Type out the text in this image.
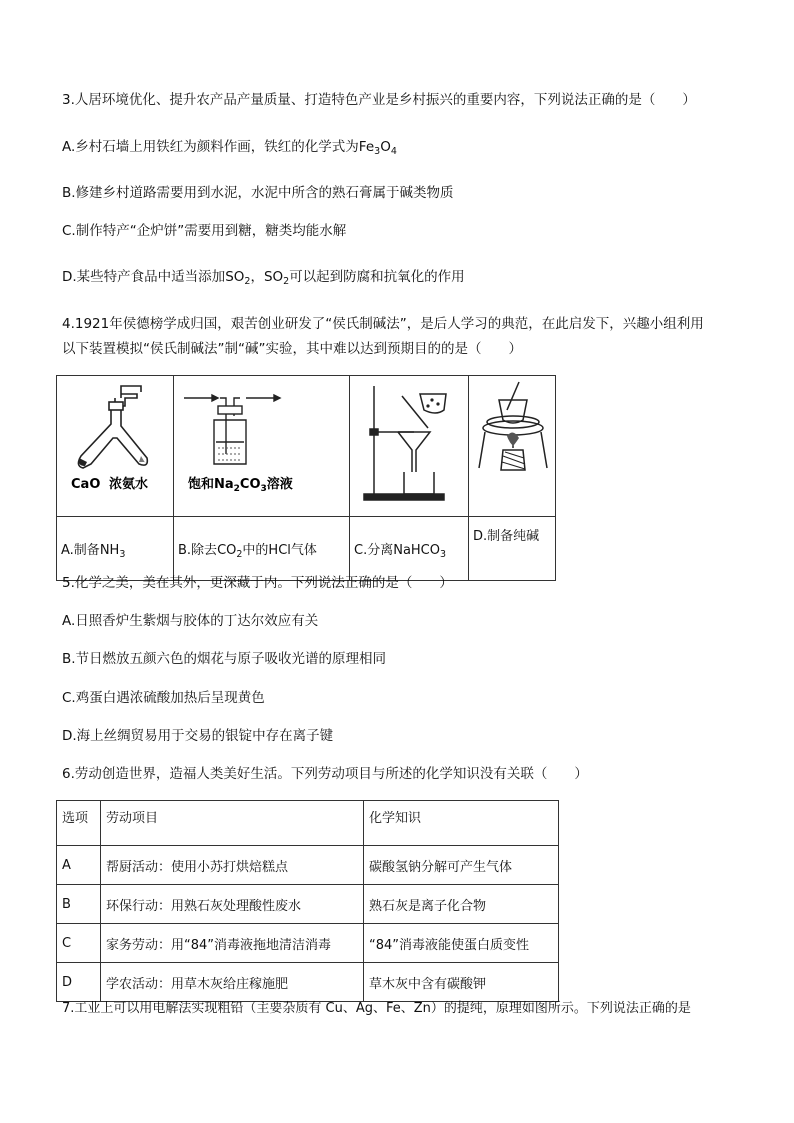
3.人居环境优化、提升农产品产量质量、打造特色产业是乡村振兴的重要内容，下列说法正确的是（　　）
A.乡村石墙上用铁红为颜料作画，铁红的化学式为$Fe_3O_4$
B.修建乡村道路需要用到水泥，水泥中所含的熟石膏属于碱类物质
C.制作特产“企炉饼”需要用到糖，糖类均能水解
D.某些特产食品中适当添加$SO_2$，$SO_2$可以起到防腐和抗氧化的作用
4.1921年侯德榜学成归国，艰苦创业研发了“侯氏制碱法”，是后人学习的典范，在此启发下，兴趣小组利用
以下装置模拟“侯氏制碱法”制“碱”实验，其中难以达到预期目的的是（　　）
CaO 浓氨水	饱和$Na_2CO_3$溶液

A.制备$NH_3$	B.除去$CO_2$中的HCl气体	C.分离NaHCO$_3$	D.制备纯碱
5.化学之美，美在其外，更深藏于内。下列说法正确的是（　　）
A.日照香炉生紫烟与胶体的丁达尔效应有关
B.节日燃放五颜六色的烟花与原子吸收光谱的原理相同
C.鸡蛋白遇浓硫酸加热后呈现黄色
D.海上丝绸贸易用于交易的银锭中存在离子键
6.劳动创造世界，造福人类美好生活。下列劳动项目与所述的化学知识没有关联（　　）
选项	劳动项目	化学知识
A	帮厨活动：使用小苏打烘焙糕点	碳酸氢钠分解可产生气体
B	环保行动：用熟石灰处理酸性废水	熟石灰是离子化合物
C	家务劳动：用“84”消毒液拖地清洁消毒	“84”消毒液能使蛋白质变性
D	学农活动：用草木灰给庄稼施肥	草木灰中含有碳酸钾
7.工业上可以用电解法实现粗铅（主要杂质有 Cu、Ag、Fe、Zn）的提纯，原理如图所示。下列说法正确的是
